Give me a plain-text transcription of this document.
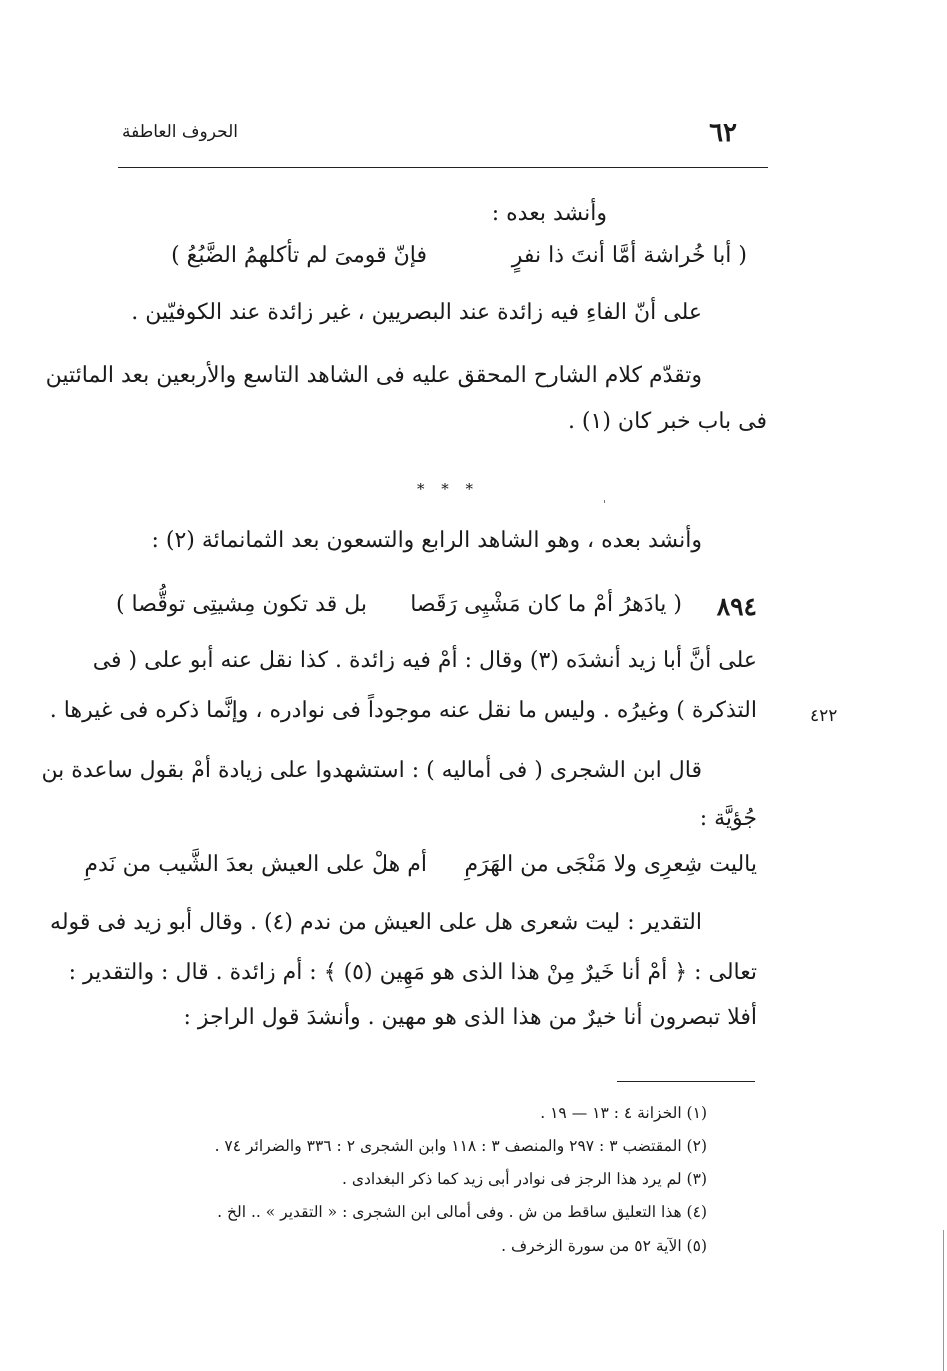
٦٢
الحروف العاطفة
وأنشد بعده :
( أبا خُراشة أمَّا أنتَ ذا نفرٍ
فإنّ قومىَ لم تأكلهمُ الضَّبُعُ )
على أنّ الفاءِ فيه زائدة عند البصريين ، غير زائدة عند الكوفيّين .
وتقدّم كلام الشارح المحقق عليه فى الشاهد التاسع والأربعين بعد المائتين
فى باب خبر كان (١) .
* * *
وأنشد بعده ، وهو الشاهد الرابع والتسعون بعد الثمانمائة (٢) :
٨٩٤
( يادَهرُ أمْ ما كان مَشْيِى رَقَصا
بل قد تكون مِشيتِى توقُّصا )
على أنَّ أبا زيد أنشدَه (٣) وقال : أمْ فيه زائدة . كذا نقل عنه أبو على ( فى
التذكرة ) وغيرُه . وليس ما نقل عنه موجوداً فى نوادره ، وإنَّما ذكره فى غيرها .	٤٢٢
قال ابن الشجرى ( فى أماليه ) : استشهدوا على زيادة أمْ بقول ساعدة بن
جُؤيَّة :
ياليت شِعرِى ولا مَنْجَى من الهَرَمِ
أم هلْ على العيش بعدَ الشَّيب من نَدمِ
التقدير : ليت شعرى هل على العيش من ندم (٤) . وقال أبو زيد فى قوله
تعالى : ﴿ أمْ أنا خَيرٌ مِنْ هذا الذى هو مَهِين (٥) ﴾ : أم زائدة . قال : والتقدير :
أفلا تبصرون أنا خيرٌ من هذا الذى هو مهين . وأنشدَ قول الراجز :
(١) الخزانة ٤ : ١٣ — ١٩ .
(٢) المقتضب ٣ : ٢٩٧ والمنصف ٣ : ١١٨ وابن الشجرى ٢ : ٣٣٦ والضرائر ٧٤ .
(٣) لم يرد هذا الرجز فى نوادر أبى زيد كما ذكر البغدادى .
(٤) هذا التعليق ساقط من ش . وفى أمالى ابن الشجرى : « التقدير » .. الخ .
(٥) الآية ٥٢ من سورة الزخرف .
